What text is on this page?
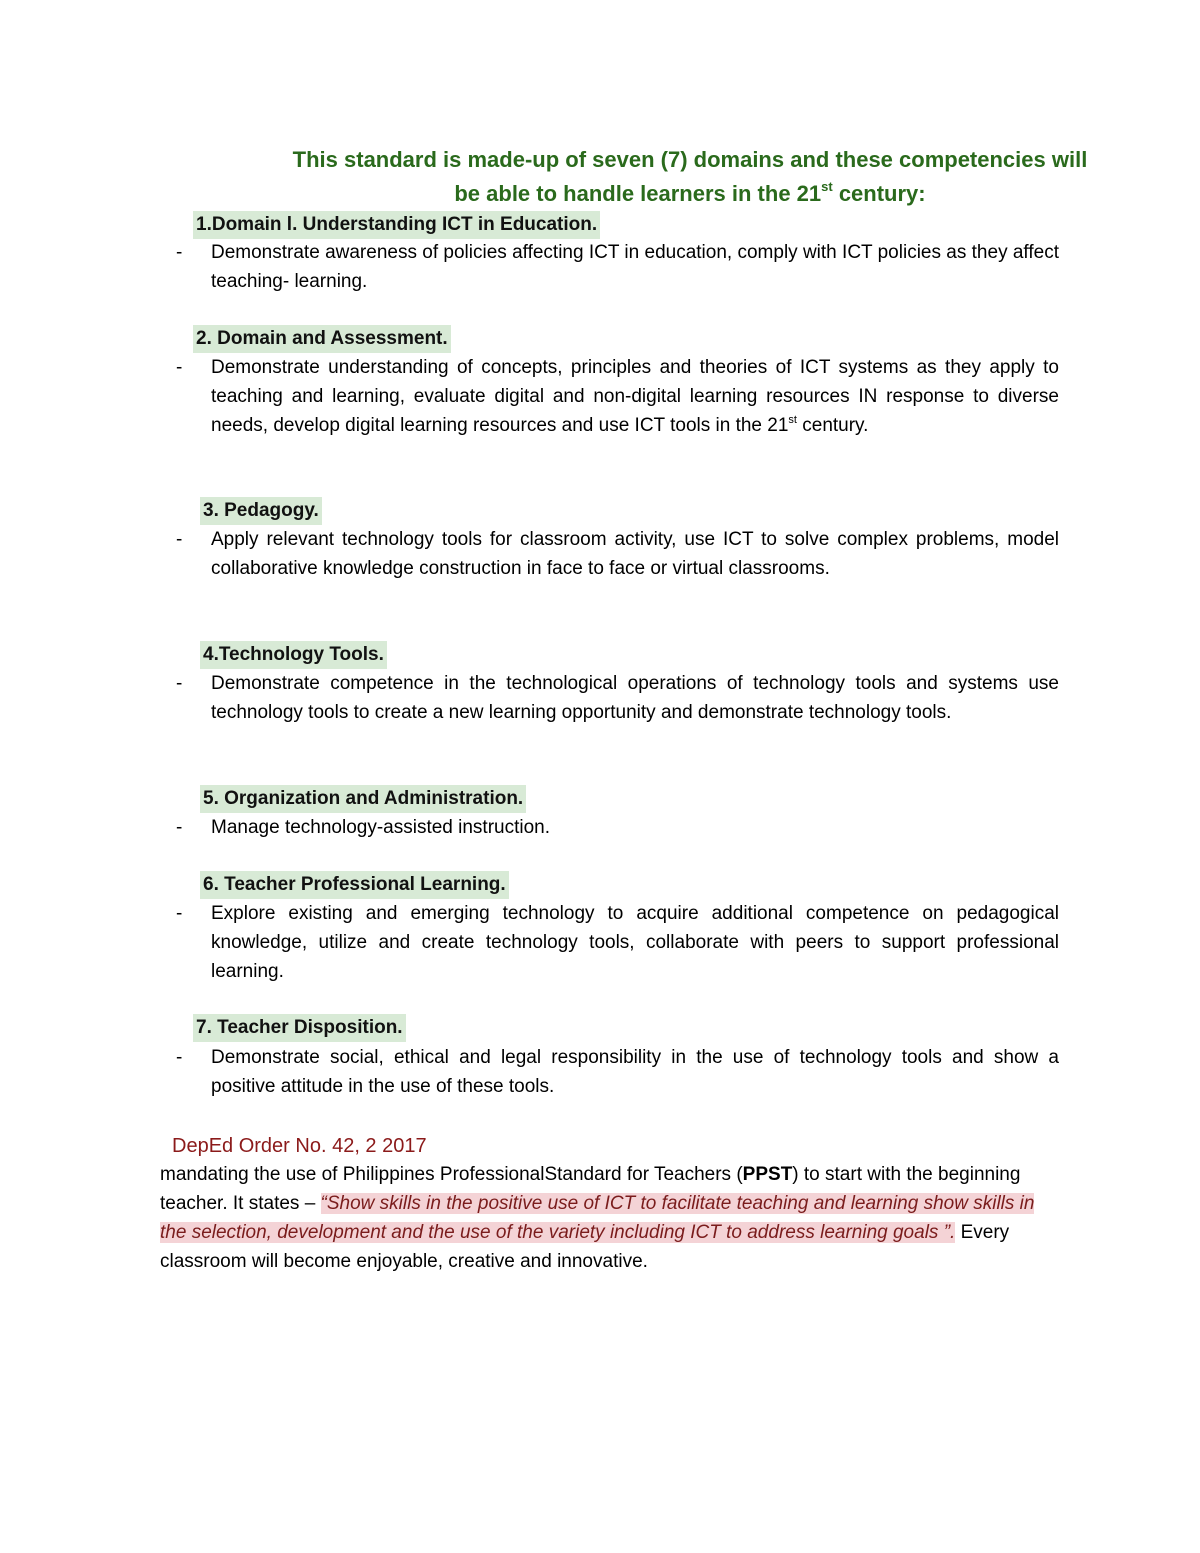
This standard is made-up of seven (7) domains and these competencies will
be able to handle learners in the 21st century:
1.Domain l. Understanding ICT in Education.
- Demonstrate awareness of policies affecting ICT in education, comply with ICT policies as they affect teaching- learning.
2. Domain and Assessment.
- Demonstrate understanding of concepts, principles and theories of ICT systems as they apply to teaching and learning, evaluate digital and non-digital learning resources IN response to diverse needs, develop digital learning resources and use ICT tools in the 21st century.
3. Pedagogy.
- Apply relevant technology tools for classroom activity, use ICT to solve complex problems, model collaborative knowledge construction in face to face or virtual classrooms.
4.Technology Tools.
- Demonstrate competence in the technological operations of technology tools and systems use technology tools to create a new learning opportunity and demonstrate technology tools.
5. Organization and Administration.
- Manage technology-assisted instruction.
6. Teacher Professional Learning.
- Explore existing and emerging technology to acquire additional competence on pedagogical knowledge, utilize and create technology tools, collaborate with peers to support professional learning.
7. Teacher Disposition.
- Demonstrate social, ethical and legal responsibility in the use of technology tools and show a positive attitude in the use of these tools.
DepEd Order No. 42, 2 2017
mandating the use of Philippines ProfessionalStandard for Teachers (PPST) to start with the beginning teacher. It states – “Show skills in the positive use of ICT to facilitate teaching and learning show skills in the selection, development and the use of the variety including ICT to address learning goals ”. Every classroom will become enjoyable, creative and innovative.
